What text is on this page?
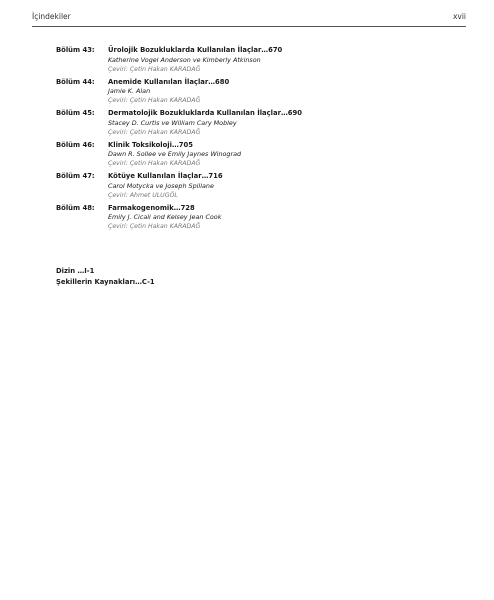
İçindekiler	xvii
Bölüm 43:	Ürolojik Bozukluklarda Kullanılan İlaçlar…670
Katherine Vogel Anderson ve Kimberly Atkinson
Çeviri: Çetin Hakan KARADAĞ
Bölüm 44:	Anemide Kullanılan İlaçlar…680
Jamie K. Alan
Çeviri: Çetin Hakan KARADAĞ
Bölüm 45:	Dermatolojik Bozukluklarda Kullanılan İlaçlar…690
Stacey D. Curtis ve William Cary Mobley
Çeviri: Çetin Hakan KARADAĞ
Bölüm 46:	Klinik Toksikoloji…705
Dawn R. Sollee ve Emily Jaynes Winograd
Çeviri: Çetin Hakan KARADAĞ
Bölüm 47:	Kötüye Kullanılan İlaçlar…716
Carol Motycka ve Joseph Spillane
Çeviri: Ahmet ULUGÖL
Bölüm 48:	Farmakogenomik…728
Emily J. Cicali and Kelsey Jean Cook
Çeviri: Çetin Hakan KARADAĞ
Dizin …I-1
Şekillerin Kaynakları…C-1
